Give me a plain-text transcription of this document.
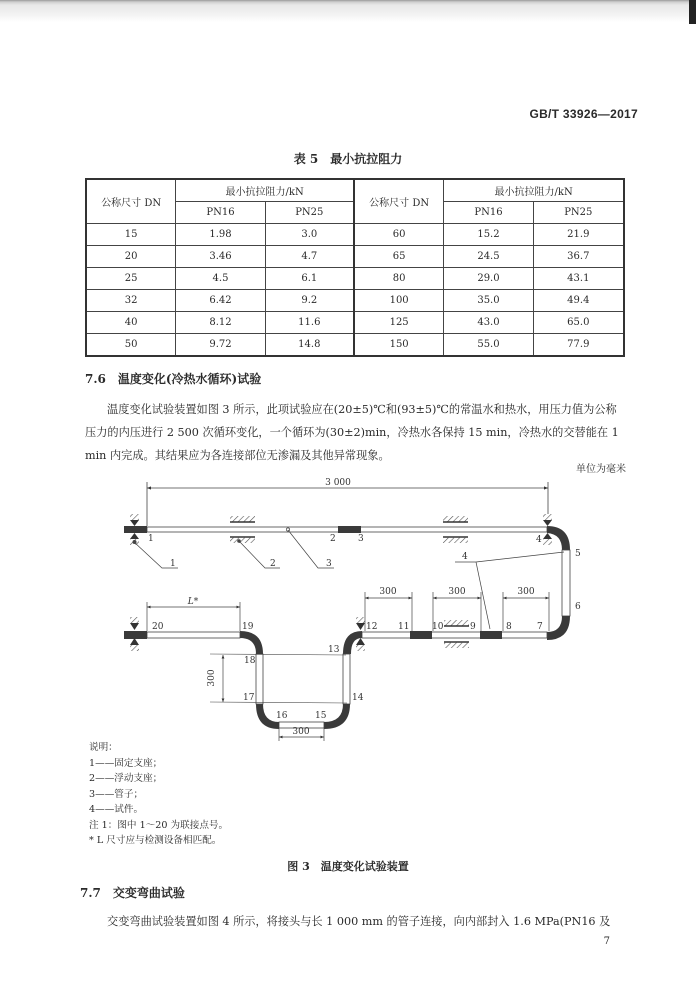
GB/T 33926—2017
表 5　最小抗拉阻力
公称尺寸 DN	最小抗拉阻力/kN		公称尺寸 DN	最小抗拉阻力/kN	
	PN16	PN25		PN16	PN25
15	1.98	3.0	60	15.2	21.9
20	3.46	4.7	65	24.5	36.7
25	4.5	6.1	80	29.0	43.1
32	6.42	9.2	100	35.0	49.4
40	8.12	11.6	125	43.0	65.0
50	9.72	14.8	150	55.0	77.9
7.6　温度变化(冷热水循环)试验
温度变化试验装置如图 3 所示，此项试验应在(20±5)℃和(93±5)℃的常温水和热水，用压力值为公称压力的内压进行 2 500 次循环变化，一个循环为(30±2)min，冷热水各保持 15 min，冷热水的交替能在 1 min 内完成。其结果应为各连接部位无渗漏及其他异常现象。
单位为毫米
3 000
1	2	3
4
300	300	300
L*
300
300
1	2 3	4
5
6
7
8
9
10
11
12
13
14
15
16
17
18
19
20
说明：
1——固定支座；
2——浮动支座；
3——管子；
4——试件。
注 1：图中 1～20 为联接点号。
* L 尺寸应与检测设备相匹配。
图 3　温度变化试验装置
7.7　交变弯曲试验
交变弯曲试验装置如图 4 所示，将接头与长 1 000 mm 的管子连接，向内部封入 1.6 MPa(PN16 及
7
